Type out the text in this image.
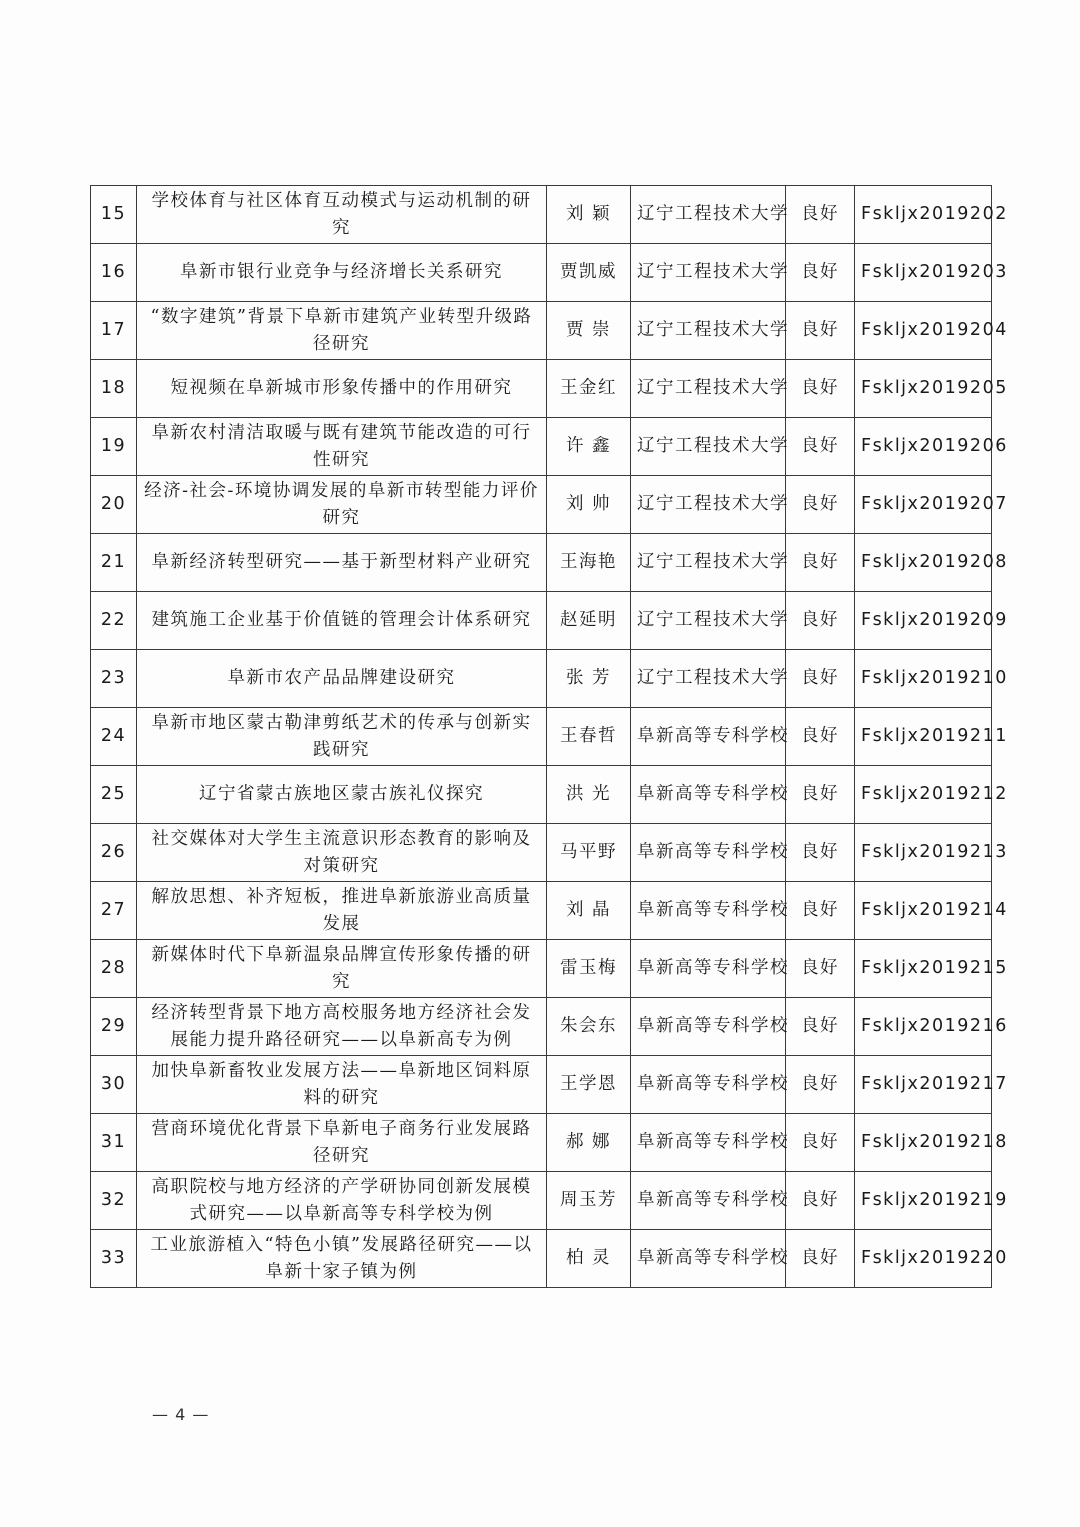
15	学校体育与社区体育互动模式与运动机制的研究	刘 颖	辽宁工程技术大学	良好	Fskljx2019202
16	阜新市银行业竞争与经济增长关系研究	贾凯威	辽宁工程技术大学	良好	Fskljx2019203
17	“数字建筑”背景下阜新市建筑产业转型升级路径研究	贾 崇	辽宁工程技术大学	良好	Fskljx2019204
18	短视频在阜新城市形象传播中的作用研究	王金红	辽宁工程技术大学	良好	Fskljx2019205
19	阜新农村清洁取暖与既有建筑节能改造的可行性研究	许 鑫	辽宁工程技术大学	良好	Fskljx2019206
20	经济-社会-环境协调发展的阜新市转型能力评价研究	刘 帅	辽宁工程技术大学	良好	Fskljx2019207
21	阜新经济转型研究——基于新型材料产业研究	王海艳	辽宁工程技术大学	良好	Fskljx2019208
22	建筑施工企业基于价值链的管理会计体系研究	赵延明	辽宁工程技术大学	良好	Fskljx2019209
23	阜新市农产品品牌建设研究	张 芳	辽宁工程技术大学	良好	Fskljx2019210
24	阜新市地区蒙古勒津剪纸艺术的传承与创新实践研究	王春哲	阜新高等专科学校	良好	Fskljx2019211
25	辽宁省蒙古族地区蒙古族礼仪探究	洪 光	阜新高等专科学校	良好	Fskljx2019212
26	社交媒体对大学生主流意识形态教育的影响及对策研究	马平野	阜新高等专科学校	良好	Fskljx2019213
27	解放思想、补齐短板，推进阜新旅游业高质量发展	刘 晶	阜新高等专科学校	良好	Fskljx2019214
28	新媒体时代下阜新温泉品牌宣传形象传播的研究	雷玉梅	阜新高等专科学校	良好	Fskljx2019215
29	经济转型背景下地方高校服务地方经济社会发展能力提升路径研究——以阜新高专为例	朱会东	阜新高等专科学校	良好	Fskljx2019216
30	加快阜新畜牧业发展方法——阜新地区饲料原料的研究	王学恩	阜新高等专科学校	良好	Fskljx2019217
31	营商环境优化背景下阜新电子商务行业发展路径研究	郝 娜	阜新高等专科学校	良好	Fskljx2019218
32	高职院校与地方经济的产学研协同创新发展模式研究——以阜新高等专科学校为例	周玉芳	阜新高等专科学校	良好	Fskljx2019219
33	工业旅游植入“特色小镇”发展路径研究——以阜新十家子镇为例	柏 灵	阜新高等专科学校	良好	Fskljx2019220
— 4 —
